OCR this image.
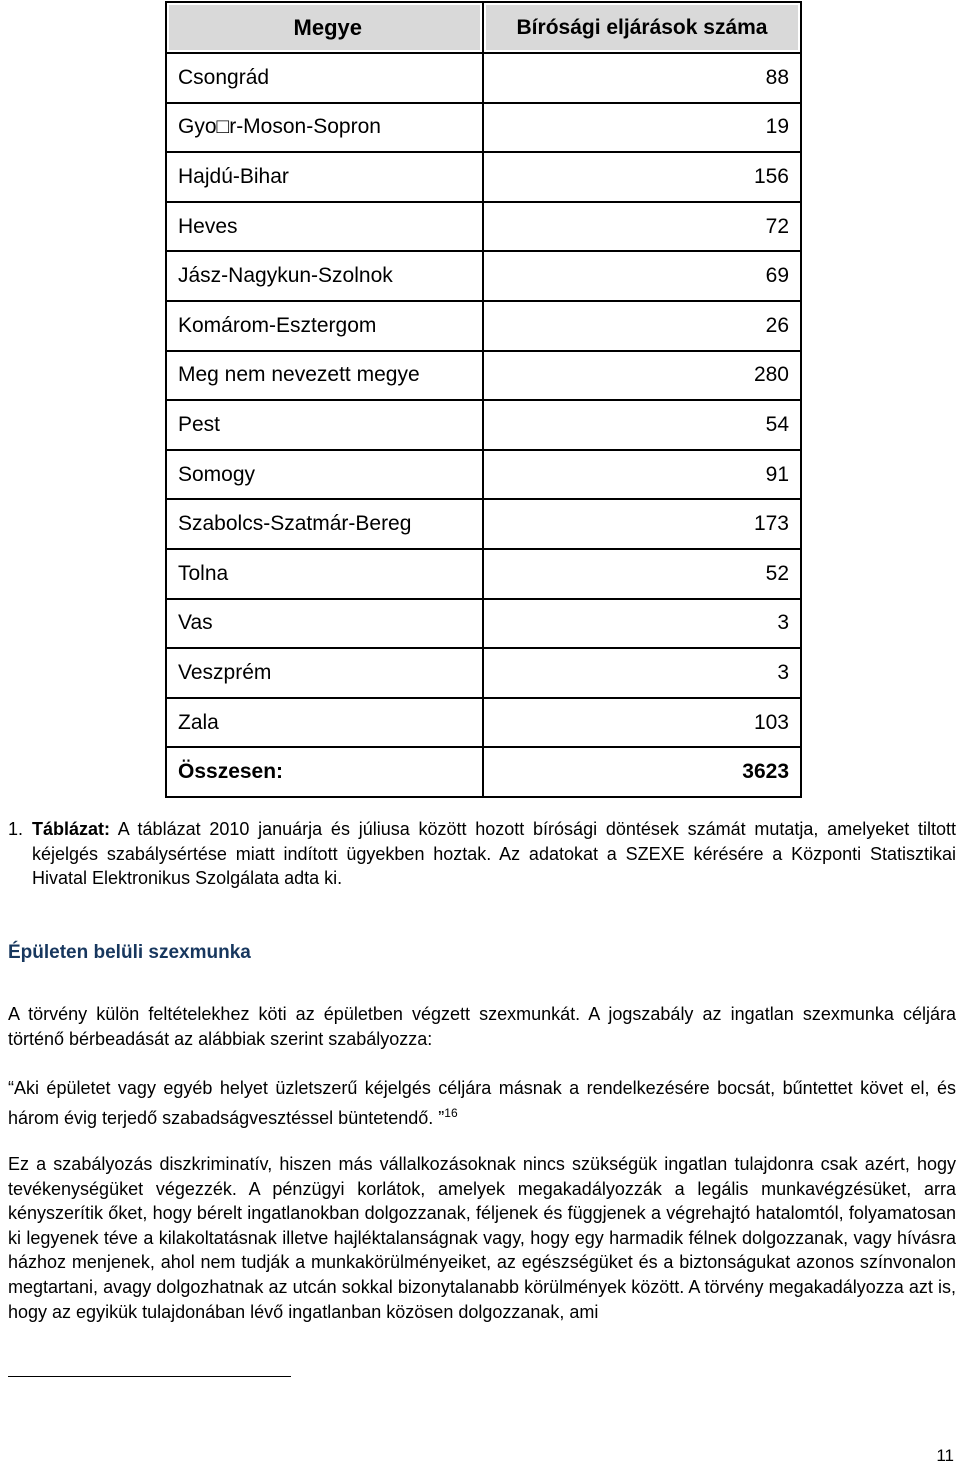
Megye	Bírósági eljárások száma
Csongrád	88
Gyo□r-Moson-Sopron	19
Hajdú-Bihar	156
Heves	72
Jász-Nagykun-Szolnok	69
Komárom-Esztergom	26
Meg nem nevezett megye	280
Pest	54
Somogy	91
Szabolcs-Szatmár-Bereg	173
Tolna	52
Vas	3
Veszprém	3
Zala	103
Összesen:	3623
1. Táblázat: A táblázat 2010 januárja és júliusa között hozott bírósági döntések számát mutatja, amelyeket tiltott kéjelgés szabálysértése miatt indított ügyekben hoztak. Az adatokat a SZEXE kérésére a Központi Statisztikai Hivatal Elektronikus Szolgálata adta ki.
Épületen belüli szexmunka
A törvény külön feltételekhez köti az épületben végzett szexmunkát. A jogszabály az ingatlan szexmunka céljára történő bérbeadását az alábbiak szerint szabályozza:
“Aki épületet vagy egyéb helyet üzletszerű kéjelgés céljára másnak a rendelkezésére bocsát, bűntettet követ el, és három évig terjedő szabadságvesztéssel büntetendő. ”$^{16}$
Ez a szabályozás diszkriminatív, hiszen más vállalkozásoknak nincs szükségük ingatlan tulajdonra csak azért, hogy tevékenységüket végezzék. A pénzügyi korlátok, amelyek megakadályozzák a legális munkavégzésüket, arra kényszerítik őket, hogy bérelt ingatlanokban dolgozzanak, féljenek és függjenek a végrehajtó hatalomtól, folyamatosan ki legyenek téve a kilakoltatásnak illetve hajléktalanságnak vagy, hogy egy harmadik félnek dolgozzanak, vagy hívásra házhoz menjenek, ahol nem tudják a munkakörülményeiket, az egészségüket és a biztonságukat azonos színvonalon megtartani, avagy dolgozhatnak az utcán sokkal bizonytalanabb körülmények között. A törvény megakadályozza azt is, hogy az egyikük tulajdonában lévő ingatlanban közösen dolgozzanak, ami
11
